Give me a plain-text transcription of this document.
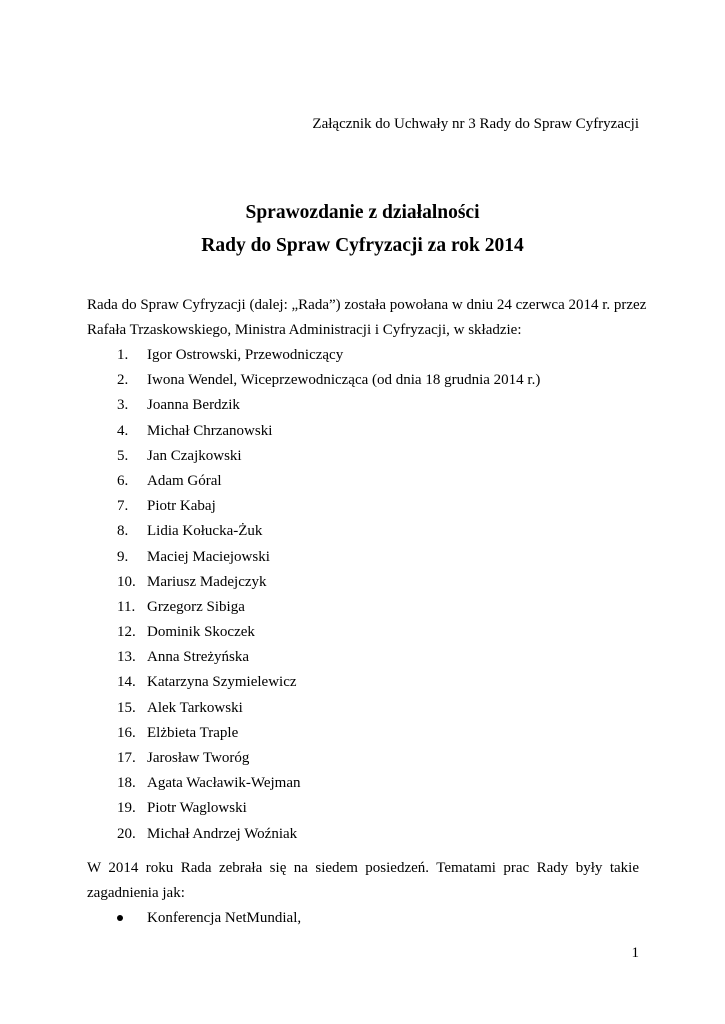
Załącznik do Uchwały nr 3 Rady do Spraw Cyfryzacji
Sprawozdanie z działalności
Rady do Spraw Cyfryzacji za rok 2014

Rada do Spraw Cyfryzacji (dalej: „Rada”) została powołana w dniu 24 czerwca 2014 r. przez
Rafała Trzaskowskiego, Ministra Administracji i Cyfryzacji, w składzie:

1. Igor Ostrowski, Przewodniczący
2. Iwona Wendel, Wiceprzewodnicząca (od dnia 18 grudnia 2014 r.)
3. Joanna Berdzik
4. Michał Chrzanowski
5. Jan Czajkowski
6. Adam Góral
7. Piotr Kabaj
8. Lidia Kołucka-Żuk
9. Maciej Maciejowski
10. Mariusz Madejczyk
11. Grzegorz Sibiga
12. Dominik Skoczek
13. Anna Streżyńska
14. Katarzyna Szymielewicz
15. Alek Tarkowski
16. Elżbieta Traple
17. Jarosław Tworóg
18. Agata Wacławik-Wejman
19. Piotr Waglowski
20. Michał Andrzej Woźniak

W 2014 roku Rada zebrała się na siedem posiedzeń. Tematami prac Rady były takie
zagadnienia jak:

Konferencja NetMundial,
1
